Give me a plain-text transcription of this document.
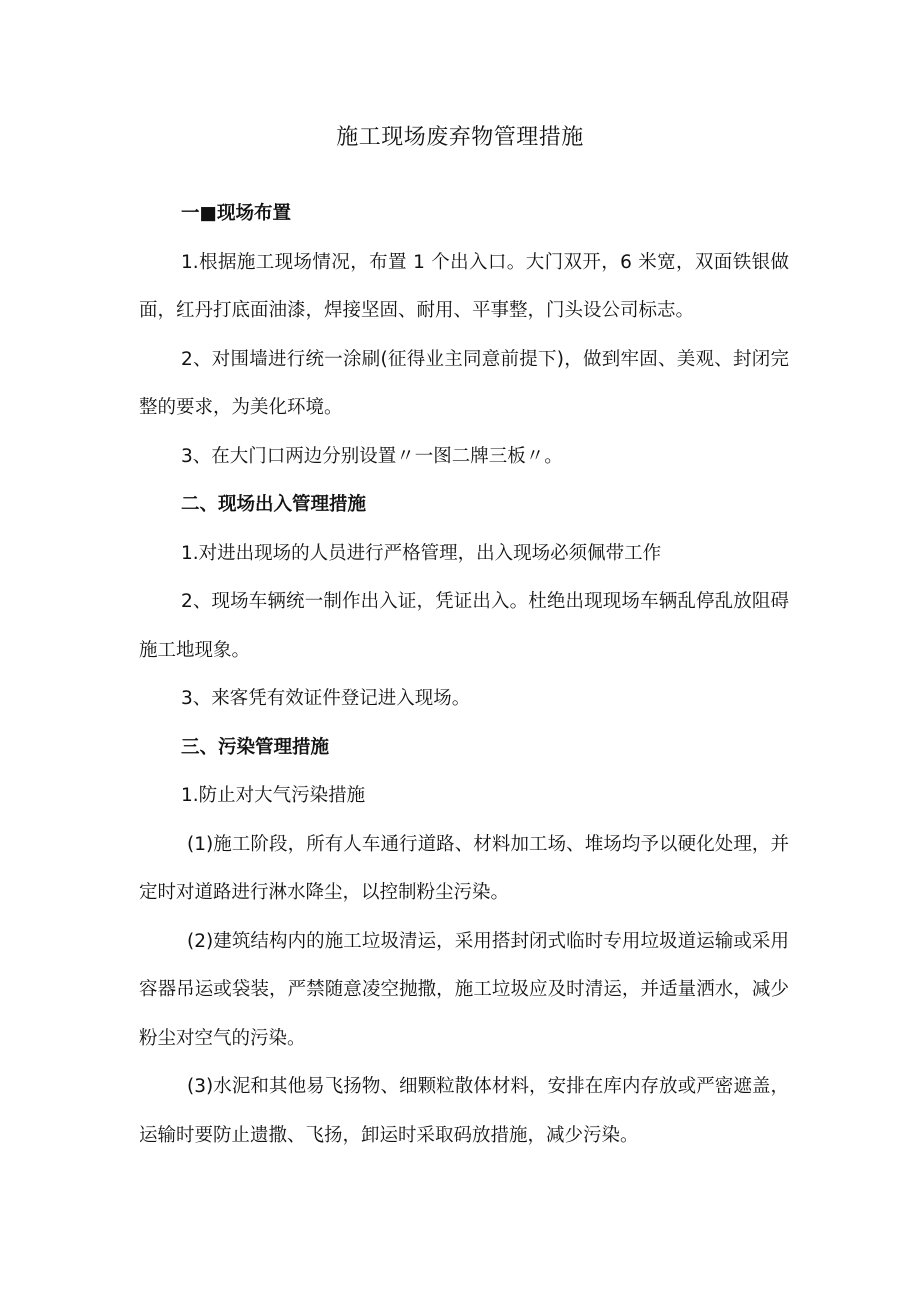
施工现场废弃物管理措施

一■现场布置

1.根据施工现场情况，布置 1 个出入口。大门双开，6 米宽，双面铁银做面，红丹打底面油漆，焊接坚固、耐用、平事整，门头设公司标志。

2、对围墙进行统一涂刷(征得业主同意前提下)，做到牢固、美观、封闭完整的要求，为美化环境。

3、在大门口两边分别设置〃一图二牌三板〃。

二、现场出入管理措施

1.对进出现场的人员进行严格管理，出入现场必须佩带工作

2、现场车辆统一制作出入证，凭证出入。杜绝出现现场车辆乱停乱放阻碍施工地现象。

3、来客凭有效证件登记进入现场。

三、污染管理措施

1.防止对大气污染措施

(1)施工阶段，所有人车通行道路、材料加工场、堆场均予以硬化处理，并定时对道路进行淋水降尘，以控制粉尘污染。

(2)建筑结构内的施工垃圾清运，采用搭封闭式临时专用垃圾道运输或采用容器吊运或袋装，严禁随意凌空抛撒，施工垃圾应及时清运，并适量洒水，减少粉尘对空气的污染。

(3)水泥和其他易飞扬物、细颗粒散体材料，安排在库内存放或严密遮盖，运输时要防止遗撒、飞扬，卸运时采取码放措施，减少污染。
